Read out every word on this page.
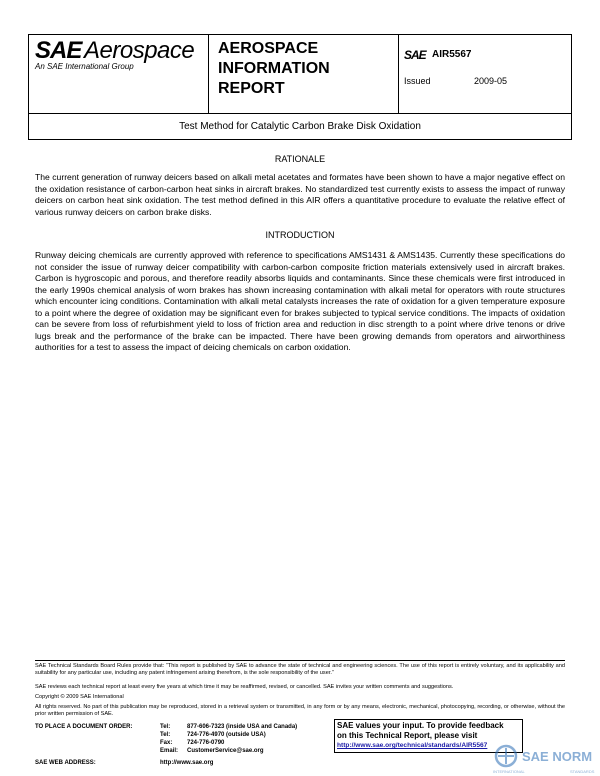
SAE Aerospace
An SAE International Group
AEROSPACE
INFORMATION
REPORT
SAE AIR5567
Issued	2009-05
Test Method for Catalytic Carbon Brake Disk Oxidation
RATIONALE
The current generation of runway deicers based on alkali metal acetates and formates have been shown to have a major negative effect on the oxidation resistance of carbon-carbon heat sinks in aircraft brakes. No standardized test currently exists to assess the impact of runway deicers on carbon heat sink oxidation. The test method defined in this AIR offers a quantitative procedure to evaluate the relative effect of various runway deicers on carbon brake disks.
INTRODUCTION
Runway deicing chemicals are currently approved with reference to specifications AMS1431 & AMS1435. Currently these specifications do not consider the issue of runway deicer compatibility with carbon-carbon composite friction materials extensively used in aircraft brakes. Carbon is hygroscopic and porous, and therefore readily absorbs liquids and contaminants. Since these chemicals were first introduced in the early 1990s chemical analysis of worn brakes has shown increasing contamination with alkali metal for operators with route structures which encounter icing conditions. Contamination with alkali metal catalysts increases the rate of oxidation for a given temperature exposure to a point where the degree of oxidation may be significant even for brakes subjected to typical service conditions. The impacts of oxidation can be severe from loss of refurbishment yield to loss of friction area and reduction in disc strength to a point where drive tenons or drive lugs break and the performance of the brake can be impacted. There have been growing demands from operators and airworthiness authorities for a test to assess the impact of deicing chemicals on carbon oxidation.
SAE Technical Standards Board Rules provide that: “This report is published by SAE to advance the state of technical and engineering sciences. The use of this report is entirely voluntary, and its applicability and suitability for any particular use, including any patent infringement arising therefrom, is the sole responsibility of the user.”
SAE reviews each technical report at least every five years at which time it may be reaffirmed, revised, or cancelled. SAE invites your written comments and suggestions.
Copyright © 2009 SAE International
All rights reserved. No part of this publication may be reproduced, stored in a retrieval system or transmitted, in any form or by any means, electronic, mechanical, photocopying, recording, or otherwise, without the prior written permission of SAE.
TO PLACE A DOCUMENT ORDER:	Tel:	877-606-7323 (inside USA and Canada)
Tel:	724-776-4970 (outside USA)
Fax: 724-776-0790
Email: CustomerService@sae.org
SAE WEB ADDRESS:	http://www.sae.org
SAE values your input. To provide feedback
on this Technical Report, please visit
http://www.sae.org/technical/standards/AIR5567
SAE NORM
INTERNATIONAL	STANDARDS
